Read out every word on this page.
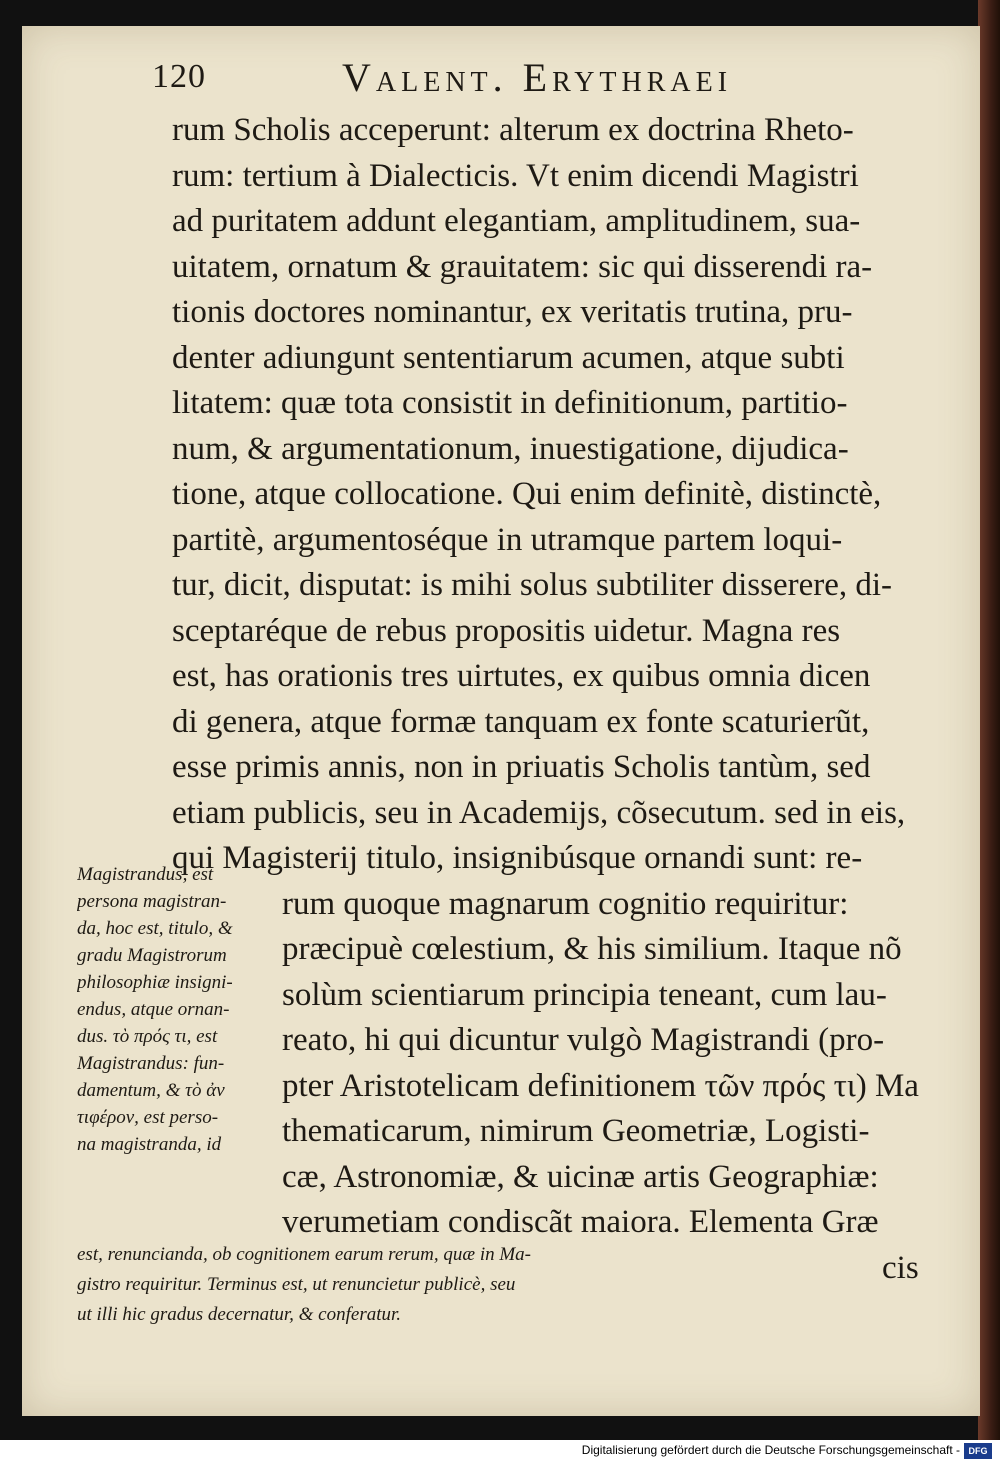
120	Valent. Erythraei
rum Scholis acceperunt: alterum ex doctrina Rheto-
rum: tertium à Dialecticis. Vt enim dicendi Magistri
ad puritatem addunt elegantiam, amplitudinem, sua-
uitatem, ornatum & grauitatem: sic qui disserendi ra-
tionis doctores nominantur, ex veritatis trutina, pru-
denter adiungunt sententiarum acumen, atque subti
litatem: quæ tota consistit in definitionum, partitio-
num, & argumentationum, inuestigatione, dijudica-
tione, atque collocatione. Qui enim definitè, distinctè,
partitè, argumentoséque in utramque partem loqui-
tur, dicit, disputat: is mihi solus subtiliter disserere, di-
sceptaréque de rebus propositis uidetur. Magna res
est, has orationis tres uirtutes, ex quibus omnia dicen
di genera, atque formæ tanquam ex fonte scaturierũt,
esse primis annis, non in priuatis Scholis tantùm, sed
etiam publicis, seu in Academijs, cõsecutum. sed in eis,
qui Magisterij titulo, insignibúsque ornandi sunt: re-
rum quoque magnarum cognitio requiritur:
præcipuè cœlestium, & his similium. Itaque nõ
solùm scientiarum principia teneant, cum lau-
reato, hi qui dicuntur vulgò Magistrandi (pro-
pter Aristotelicam definitionem τῶν πρός τι) Ma
thematicarum, nimirum Geometriæ, Logisti-
cæ, Astronomiæ, & uicinæ artis Geographiæ:
verumetiam condiscãt maiora. Elementa Græ
cis
Magistrandus, est
persona magistran-
da, hoc est, titulo, &
gradu Magistrorum
philosophiæ insigni-
endus, atque ornan-
dus. τὸ πρός τι, est
Magistrandus: fun-
damentum, & τὸ ἀν
τιφέρον, est perso-
na magistranda, id
est, renuncianda, ob cognitionem earum rerum, quæ in Ma-
gistro requiritur. Terminus est, ut renuncietur publicè, seu
ut illi hic gradus decernatur, & conferatur.
Digitalisierung gefördert durch die Deutsche Forschungsgemeinschaft - DFG
